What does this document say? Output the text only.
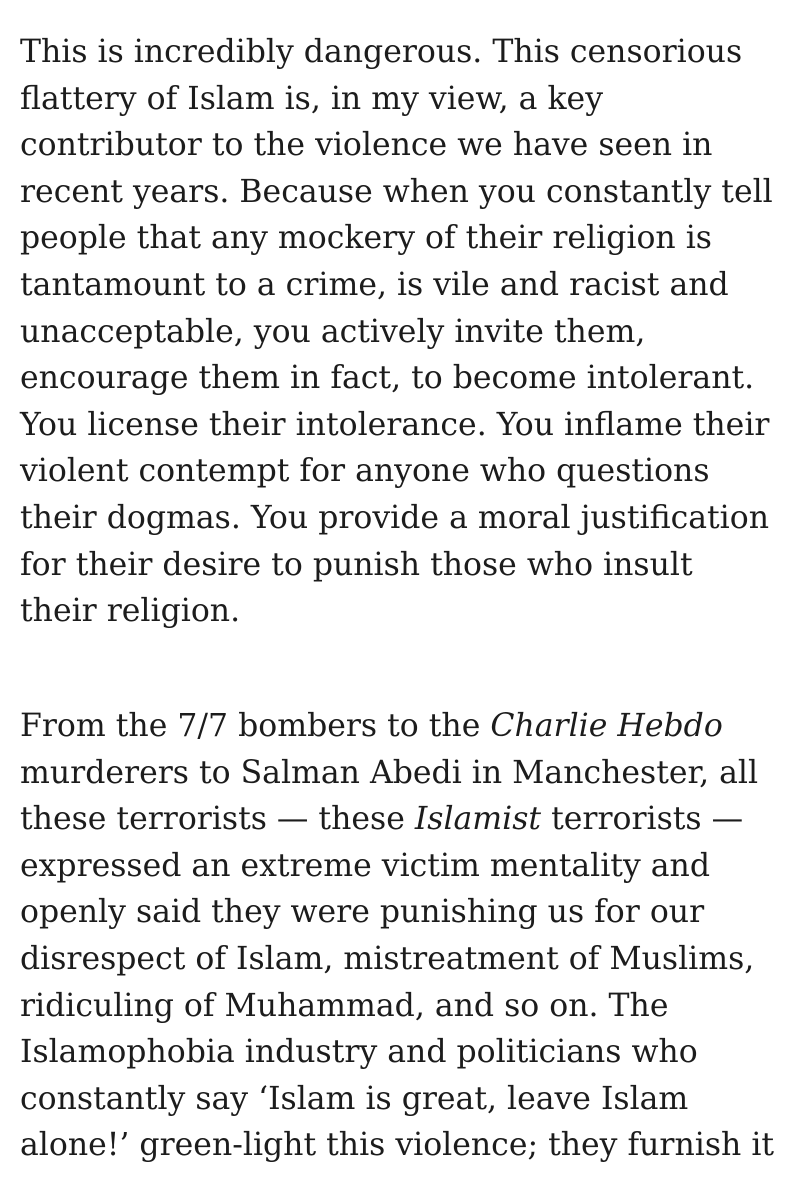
This is incredibly dangerous. This censorious
flattery of Islam is, in my view, a key
contributor to the violence we have seen in
recent years. Because when you constantly tell
people that any mockery of their religion is
tantamount to a crime, is vile and racist and
unacceptable, you actively invite them,
encourage them in fact, to become intolerant.
You license their intolerance. You inflame their
violent contempt for anyone who questions
their dogmas. You provide a moral justification
for their desire to punish those who insult
their religion.

From the 7/7 bombers to the Charlie Hebdo
murderers to Salman Abedi in Manchester, all
these terrorists — these Islamist terrorists —
expressed an extreme victim mentality and
openly said they were punishing us for our
disrespect of Islam, mistreatment of Muslims,
ridiculing of Muhammad, and so on. The
Islamophobia industry and politicians who
constantly say ‘Islam is great, leave Islam
alone!’ green-light this violence; they furnish it
